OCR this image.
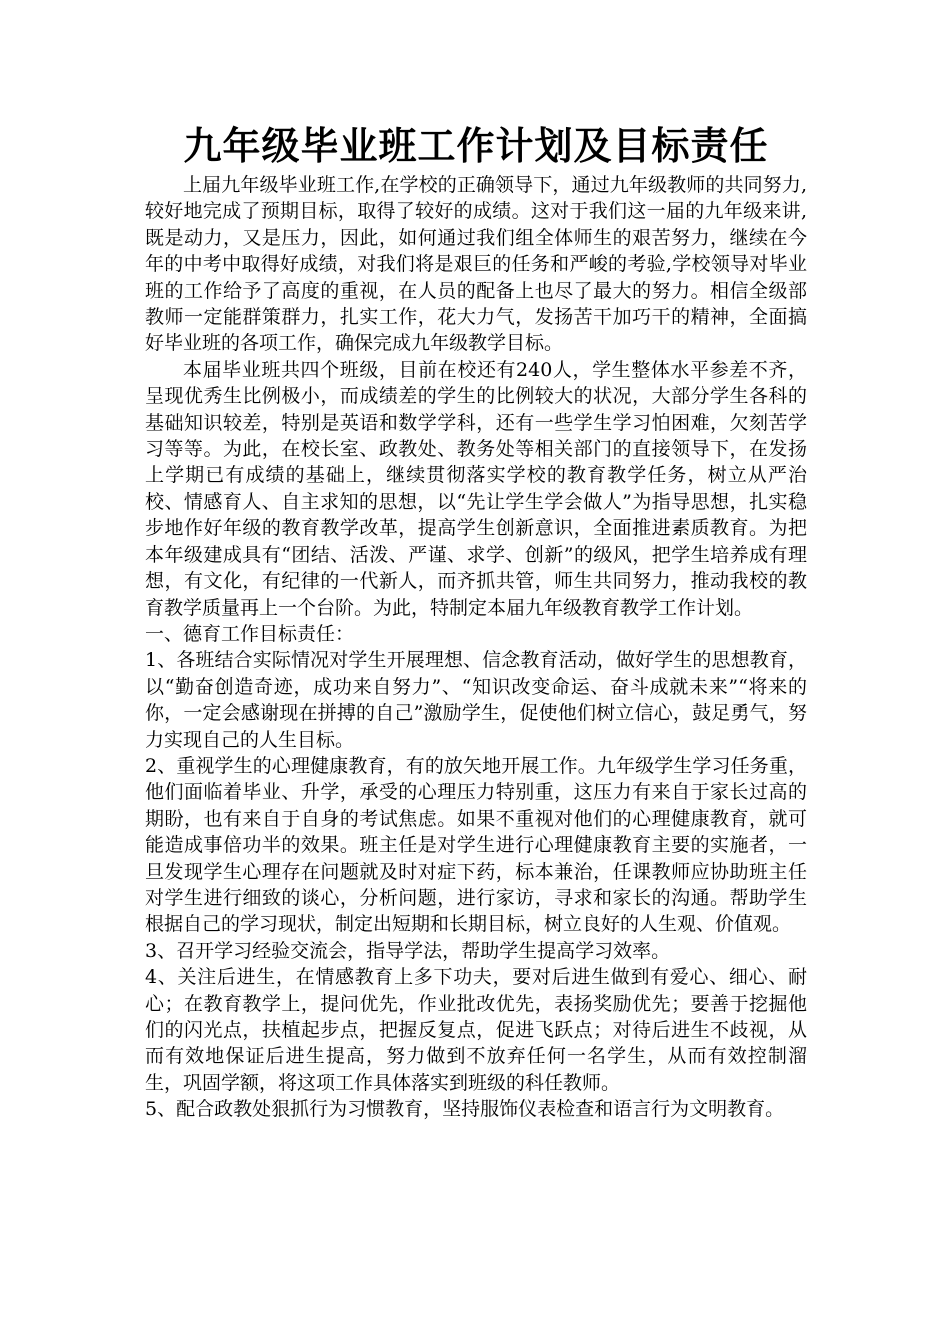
九年级毕业班工作计划及目标责任

上届九年级毕业班工作,在学校的正确领导下，通过九年级教师的共同努力,较好地完成了预期目标，取得了较好的成绩。这对于我们这一届的九年级来讲,既是动力，又是压力，因此，如何通过我们组全体师生的艰苦努力，继续在今年的中考中取得好成绩，对我们将是艰巨的任务和严峻的考验,学校领导对毕业班的工作给予了高度的重视，在人员的配备上也尽了最大的努力。相信全级部教师一定能群策群力，扎实工作，花大力气，发扬苦干加巧干的精神，全面搞好毕业班的各项工作，确保完成九年级教学目标。

本届毕业班共四个班级，目前在校还有240人，学生整体水平参差不齐，呈现优秀生比例极小，而成绩差的学生的比例较大的状况，大部分学生各科的基础知识较差，特别是英语和数学学科，还有一些学生学习怕困难，欠刻苦学习等等。为此，在校长室、政教处、教务处等相关部门的直接领导下，在发扬上学期已有成绩的基础上，继续贯彻落实学校的教育教学任务，树立从严治校、情感育人、自主求知的思想，以“先让学生学会做人”为指导思想，扎实稳步地作好年级的教育教学改革，提高学生创新意识，全面推进素质教育。为把本年级建成具有“团结、活泼、严谨、求学、创新”的级风，把学生培养成有理想，有文化，有纪律的一代新人，而齐抓共管，师生共同努力，推动我校的教育教学质量再上一个台阶。为此，特制定本届九年级教育教学工作计划。

一、德育工作目标责任：

1、各班结合实际情况对学生开展理想、信念教育活动，做好学生的思想教育，以“勤奋创造奇迹，成功来自努力”、“知识改变命运、奋斗成就未来”“将来的你，一定会感谢现在拼搏的自己”激励学生，促使他们树立信心，鼓足勇气，努力实现自己的人生目标。

2、重视学生的心理健康教育，有的放矢地开展工作。九年级学生学习任务重，他们面临着毕业、升学，承受的心理压力特别重，这压力有来自于家长过高的期盼，也有来自于自身的考试焦虑。如果不重视对他们的心理健康教育，就可能造成事倍功半的效果。班主任是对学生进行心理健康教育主要的实施者，一旦发现学生心理存在问题就及时对症下药，标本兼治，任课教师应协助班主任对学生进行细致的谈心，分析问题，进行家访，寻求和家长的沟通。帮助学生根据自己的学习现状，制定出短期和长期目标，树立良好的人生观、价值观。

3、召开学习经验交流会，指导学法，帮助学生提高学习效率。

4、关注后进生，在情感教育上多下功夫，要对后进生做到有爱心、细心、耐心；在教育教学上，提问优先，作业批改优先，表扬奖励优先；要善于挖掘他们的闪光点，扶植起步点，把握反复点，促进飞跃点；对待后进生不歧视，从而有效地保证后进生提高，努力做到不放弃任何一名学生，从而有效控制溜生，巩固学额，将这项工作具体落实到班级的科任教师。

5、配合政教处狠抓行为习惯教育，坚持服饰仪表检查和语言行为文明教育。
